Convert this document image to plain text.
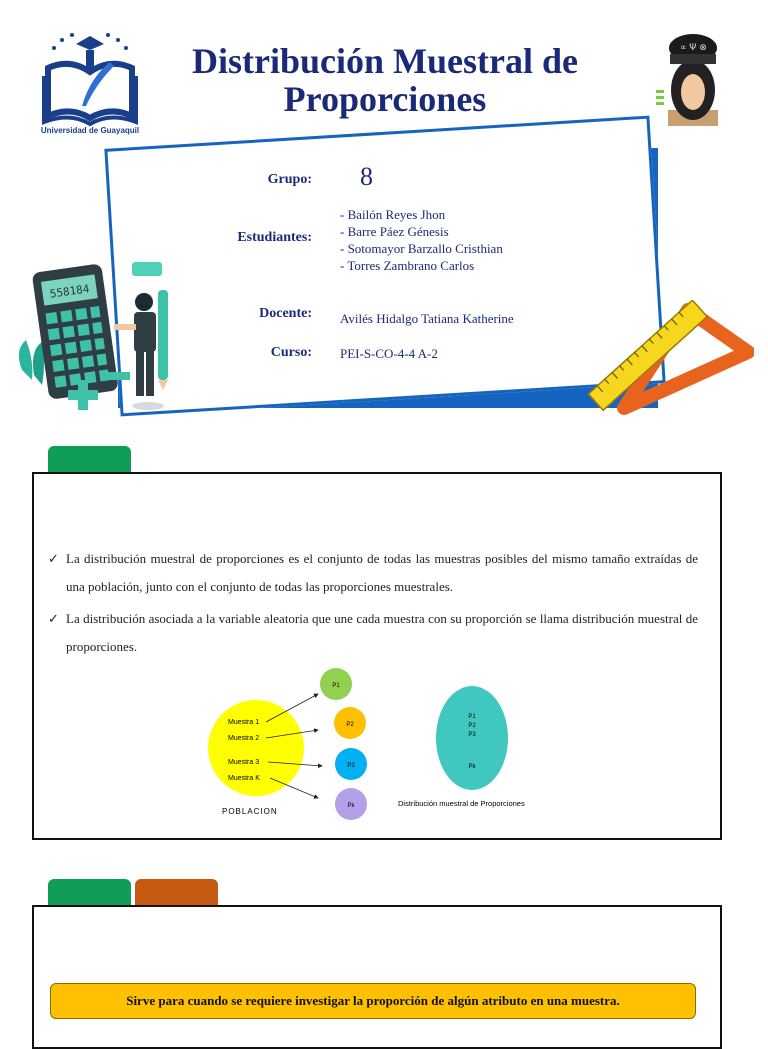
Universidad de Guayaquil
Distribución Muestral de
Proporciones
∝ Ψ ⊗
Grupo: 8
Estudiantes:
- Bailón Reyes Jhon
- Barre Páez Génesis
- Sotomayor Barzallo Cristhian
- Torres Zambrano Carlos
Docente: Avilés Hidalgo Tatiana Katherine
Curso: PEI-S-CO-4-4 A-2
558184
✓ La distribución muestral de proporciones es el conjunto de todas las muestras posibles del mismo tamaño extraídas de una población, junto con el conjunto de todas las proporciones muestrales.
✓ La distribución asociada a la variable aleatoria que une cada muestra con su proporción se llama distribución muestral de proporciones.
Muestra 1
Muestra 2
Muestra 3
Muestra K
POBLACION
P1
P2
P3
Pk
P1
P2
P3
Pk
Distribución muestral de Proporciones
Sirve para cuando se requiere investigar la proporción de algún atributo en una muestra.
